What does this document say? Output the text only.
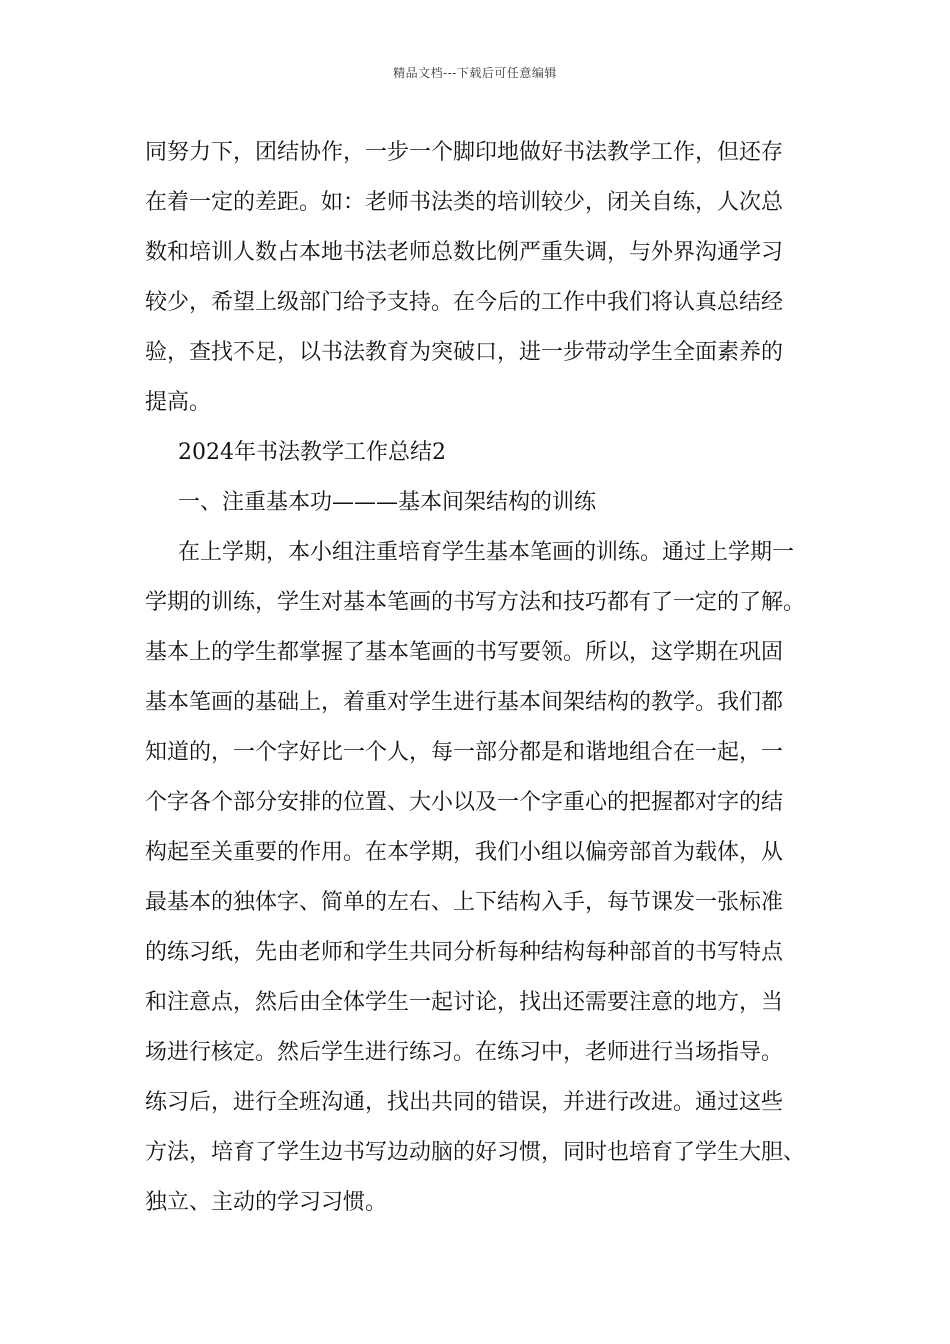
精品文档---下载后可任意编辑
同努力下，团结协作，一步一个脚印地做好书法教学工作，但还存
在着一定的差距。如：老师书法类的培训较少，闭关自练，人次总
数和培训人数占本地书法老师总数比例严重失调，与外界沟通学习
较少，希望上级部门给予支持。在今后的工作中我们将认真总结经
验，查找不足，以书法教育为突破口，进一步带动学生全面素养的
提高。
2024年书法教学工作总结2
一、注重基本功———基本间架结构的训练
在上学期，本小组注重培育学生基本笔画的训练。通过上学期一
学期的训练，学生对基本笔画的书写方法和技巧都有了一定的了解。
基本上的学生都掌握了基本笔画的书写要领。所以，这学期在巩固
基本笔画的基础上，着重对学生进行基本间架结构的教学。我们都
知道的，一个字好比一个人，每一部分都是和谐地组合在一起，一
个字各个部分安排的位置、大小以及一个字重心的把握都对字的结
构起至关重要的作用。在本学期，我们小组以偏旁部首为载体，从
最基本的独体字、简单的左右、上下结构入手，每节课发一张标准
的练习纸，先由老师和学生共同分析每种结构每种部首的书写特点
和注意点，然后由全体学生一起讨论，找出还需要注意的地方，当
场进行核定。然后学生进行练习。在练习中，老师进行当场指导。
练习后，进行全班沟通，找出共同的错误，并进行改进。通过这些
方法，培育了学生边书写边动脑的好习惯，同时也培育了学生大胆、
独立、主动的学习习惯。
